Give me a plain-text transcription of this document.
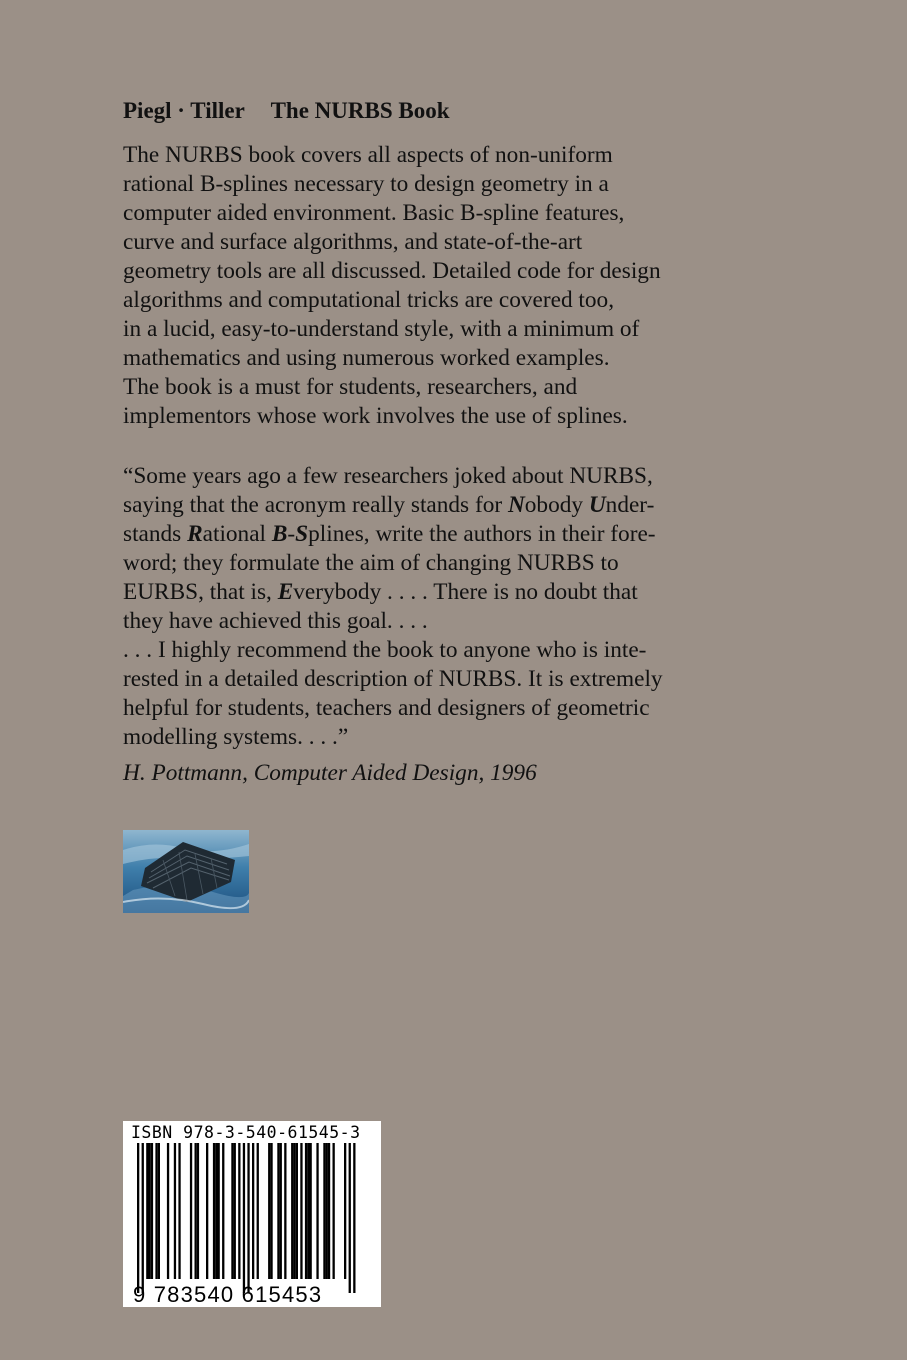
Piegl · Tiller The NURBS Book
The NURBS book covers all aspects of non-uniform
rational B-splines necessary to design geometry in a
computer aided environment. Basic B-spline features,
curve and surface algorithms, and state-of-the-art
geometry tools are all discussed. Detailed code for design
algorithms and computational tricks are covered too,
in a lucid, easy-to-understand style, with a minimum of
mathematics and using numerous worked examples.
The book is a must for students, researchers, and
implementors whose work involves the use of splines.
“Some years ago a few researchers joked about NURBS,
saying that the acronym really stands for Nobody Under-
stands Rational B-Splines, write the authors in their fore-
word; they formulate the aim of changing NURBS to
EURBS, that is, Everybody . . . . There is no doubt that
they have achieved this goal. . . .
. . . I highly recommend the book to anyone who is inte-
rested in a detailed description of NURBS. It is extremely
helpful for students, teachers and designers of geometric
modelling systems. . . .”
H. Pottmann, Computer Aided Design, 1996
ISBN 978-3-540-61545-3
9 783540 615453
